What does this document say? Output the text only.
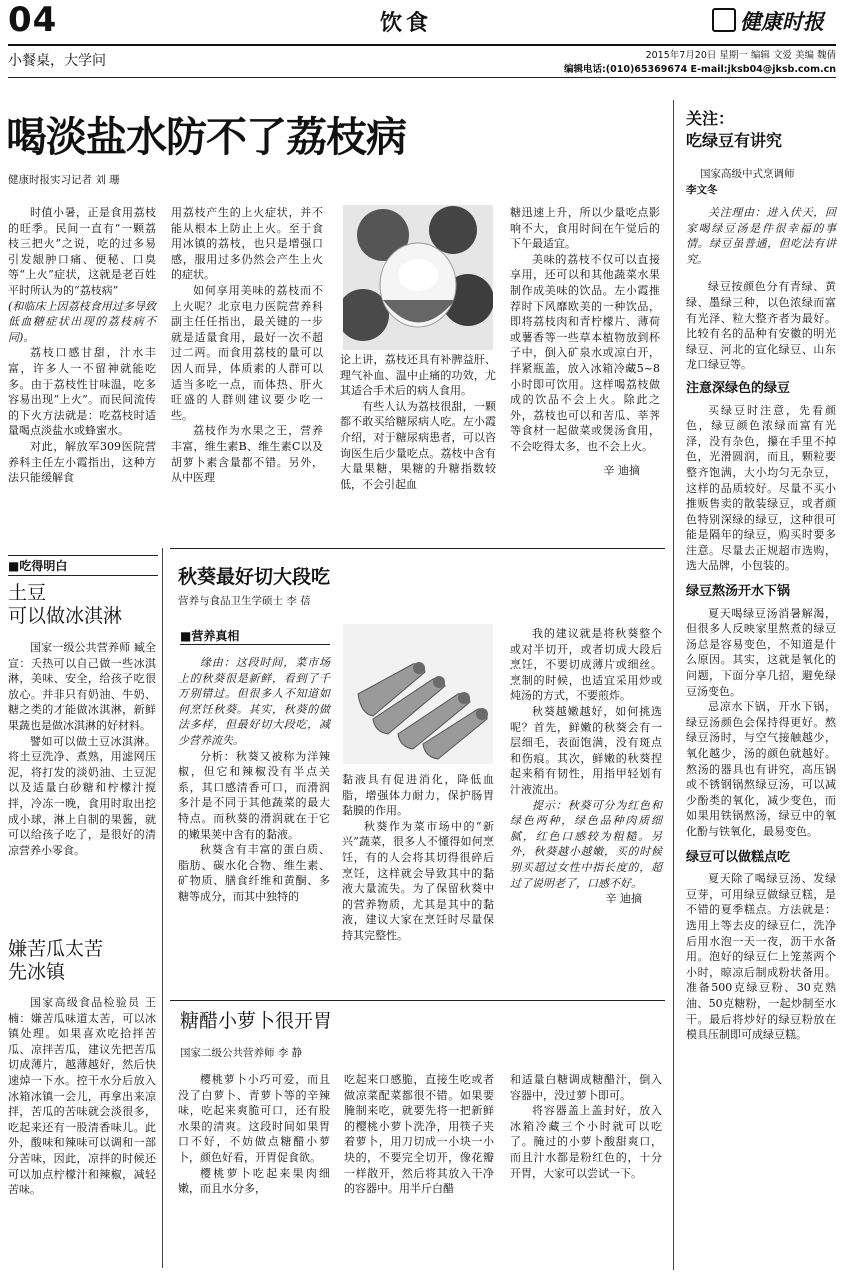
04	饮食	健康时报
小餐桌，大学问	2015年7月20日 星期一 编辑 文爱 美编 魏倩
编辑电话:(010)65369674 E-mail:jksb04@jksb.com.cn
喝淡盐水防不了荔枝病
健康时报实习记者 刘 珊

时值小暑，正是食用荔枝的旺季。民间一直有“一颗荔枝三把火”之说，吃的过多易引发龈肿口痛、便秘、口臭等“上火”症状，这就是老百姓平时所认为的“荔枝病”

(和临床上因荔枝食用过多导致低血糖症状出现的荔枝病不同)。

荔枝口感甘甜，汁水丰富，许多人一不留神就能吃多。由于荔枝性甘味温，吃多容易出现“上火”。而民间流传的下火方法就是：吃荔枝时适量喝点淡盐水或蜂蜜水。

对此，解放军309医院营养科主任左小霞指出，这种方法只能缓解食

用荔枝产生的上火症状，并不能从根本上防止上火。至于食用冰镇的荔枝，也只是增强口感，服用过多仍然会产生上火的症状。

如何享用美味的荔枝而不上火呢？北京电力医院营养科副主任任指出，最关键的一步就是适量食用，最好一次不超过二两。而食用荔枝的量可以因人而异，体质素的人群可以适当多吃一点，而体热、肝火旺盛的人群则建议要少吃一些。

荔枝作为水果之王，营养丰富，维生素B、维生素C以及胡萝卜素含量都不错。另外，从中医理

论上讲，荔枝还具有补脾益肝、理气补血、温中止痛的功效，尤其适合手术后的病人食用。

有些人认为荔枝很甜，一颗都不敢买给糖尿病人吃。左小霞介绍，对于糖尿病患者，可以咨询医生后少量吃点。荔枝中含有大量果糖，果糖的升糖指数较低，不会引起血

糖迅速上升，所以少量吃点影响不大，食用时间在午觉后的下午最适宜。

美味的荔枝不仅可以直接享用，还可以和其他蔬菜水果制作成美味的饮品。左小霞推荐时下风靡欧美的一种饮品，即将荔枝肉和青柠檬片、薄荷或薯香等一些草本植物放到杯子中，倒入矿泉水或凉白开，拌紧瓶盖，放入冰箱冷藏5~8小时即可饮用。这样喝荔枝做成的饮品不会上火。除此之外，荔枝也可以和苦瓜、莘荠等食材一起做菜或煲汤食用，不会吃得太多，也不会上火。

辛 迪摘

■吃得明白
土豆
可以做冰淇淋

国家一级公共营养师 臧全宣：夭热可以自己做一些冰淇淋，美味、安全，给孩子吃很放心。并非只有奶油、牛奶、糖之类的才能做冰淇淋，新鲜果蔬也是做冰淇淋的好材料。

譬如可以做土豆冰淇淋。将土豆洗净、煮熟，用滤网压泥，将打发的淡奶油、土豆泥以及适量白砂糖和柠檬汁搅拌，冷冻一晚，食用时取出挖成小球，淋上自制的果酱，就可以给孩子吃了，是很好的清凉营养小零食。

嫌苦瓜太苦
先冰镇

国家高级食品检验员 王楠：嫌苦瓜味道太苦，可以冰镇处理。如果喜欢吃拾拌苦瓜、凉拌苦瓜，建议先把苦瓜切成薄片，越薄越好，然后快速焯一下水。控干水分后放入冰箱冰镇一会儿，再拿出来凉拌，苦瓜的苦味就会淡很多，吃起来还有一股清香味儿。此外，酸味和辣味可以调和一部分苦味，因此，凉拌的时候还可以加点柠檬汁和辣椒，减轻苦味。

秋葵最好切大段吃
营养与食品卫生学硕士 李 蓓
■营养真相

缘由：这段时间，菜市场上的秋葵很是新鲜，看到了千万别错过。但很多人不知道如何烹饪秋葵。其实，秋葵的做法多样，但最好切大段吃，减少营养流失。

分析：秋葵又被称为洋辣椒，但它和辣椒没有半点关系，其口感清香可口，而滑润多汁是不同于其他蔬菜的最大特点。而秋葵的滑润就在于它的嫩果荚中含有的黏液。

秋葵含有丰富的蛋白质、脂肪、碳水化合物、维生素、矿物质、膳食纤维和黄酮、多糖等成分，而其中独特的

黏液具有促进消化，降低血脂，增强体力耐力，保护肠胃黏膜的作用。

秋葵作为菜市场中的“新兴”蔬菜，很多人不懂得如何烹饪，有的人会将其切得很碎后烹饪，这样就会导致其中的黏液大量流失。为了保留秋葵中的营养物质，尤其是其中的黏液，建议大家在烹饪时尽量保持其完整性。

我的建议就是将秋葵整个或对半切开，或者切成大段后烹饪，不要切成薄片或细丝。烹制的时候，也适宜采用炒或炖汤的方式，不要煎炸。

秋葵越嫩越好，如何挑选呢？首先，鲜嫩的秋葵会有一层细毛，表面饱满，没有斑点和伤痕。其次，鲜嫩的秋葵捏起来稍有韧性，用指甲轻划有汁液流出。

提示：秋葵可分为红色和绿色两种，绿色品种肉质细腻，红色口感较为粗糙。另外，秋葵越小越嫩，买的时候别买超过女性中指长度的，超过了说明老了，口感不好。

辛 迪摘

糖醋小萝卜很开胃
国家二级公共营养师 李 静

樱桃萝卜小巧可爱，而且没了白萝卜、青萝卜等的辛辣味，吃起来爽脆可口，还有股水果的清爽。这段时间如果胃口不好，不妨做点糖醋小萝卜，颜色好看，开胃促食欲。

樱桃萝卜吃起来果肉细嫩，而且水分多，

吃起来口感脆，直接生吃或者做凉菜配菜都很不错。如果要腌制来吃，就要先将一把新鲜的樱桃小萝卜洗净，用筷子夹着萝卜，用刀切成一小块一小块的，不要完全切开，像花瓣一样散开，然后将其放入干净的容器中。用半斤白醋

和适量白糖调成糖醋汁，倒入容器中，没过萝卜即可。

将容器盖上盖封好，放入冰箱冷藏三个小时就可以吃了。腌过的小萝卜酸甜爽口，而且汁水都是粉红色的，十分开胃，大家可以尝试一下。

关注：
吃绿豆有讲究
国家高级中式烹调师
李文冬

关注理由：进入伏天，回家喝绿豆汤是件很幸福的事情。绿豆虽普通，但吃法有讲究。

绿豆按颜色分有青绿、黄绿、墨绿三种，以色浓绿而富有光泽、粒大整齐者为最好。比较有名的品种有安徽的明光绿豆、河北的宣化绿豆、山东龙口绿豆等。

注意深绿色的绿豆

买绿豆时注意，先看颜色，绿豆颜色浓绿而富有光泽，没有杂色，攥在手里不掉色，光滑圆润，而且，颗粒要整齐饱满，大小均匀无杂豆，这样的品质较好。尽量不买小推贩售卖的散装绿豆，或者颜色特别深绿的绿豆，这种很可能是隔年的绿豆，购买时要多注意。尽量去正规超市选购，选大品牌，小包装的。

绿豆熬汤开水下锅

夏天喝绿豆汤消暑解渴，但很多人反映家里熬煮的绿豆汤总是容易变色，不知道是什么原因。其实，这就是氧化的问题，下面分享几招，避免绿豆汤变色。

忌凉水下锅，开水下锅，绿豆汤颜色会保持得更好。熬绿豆汤时，与空气接触越少，氧化越少，汤的颜色就越好。熬汤的器具也有讲究，高压锅或不锈钢锅熬绿豆汤，可以减少酚类的氧化，减少变色，而如果用铁锅熬汤，绿豆中的氧化酚与铁氧化，最易变色。

绿豆可以做糕点吃

夏天除了喝绿豆汤、发绿豆芽，可用绿豆做绿豆糕，是不错的夏季糕点。方法就是：选用上等去皮的绿豆仁，洗净后用水泡一天一夜，沥干水备用。泡好的绿豆仁上笼蒸两个小时，晾凉后制成粉状备用。准备500克绿豆粉、30克熟油、50克糖粉，一起炒制至水干。最后将炒好的绿豆粉放在模具压制即可成绿豆糕。
